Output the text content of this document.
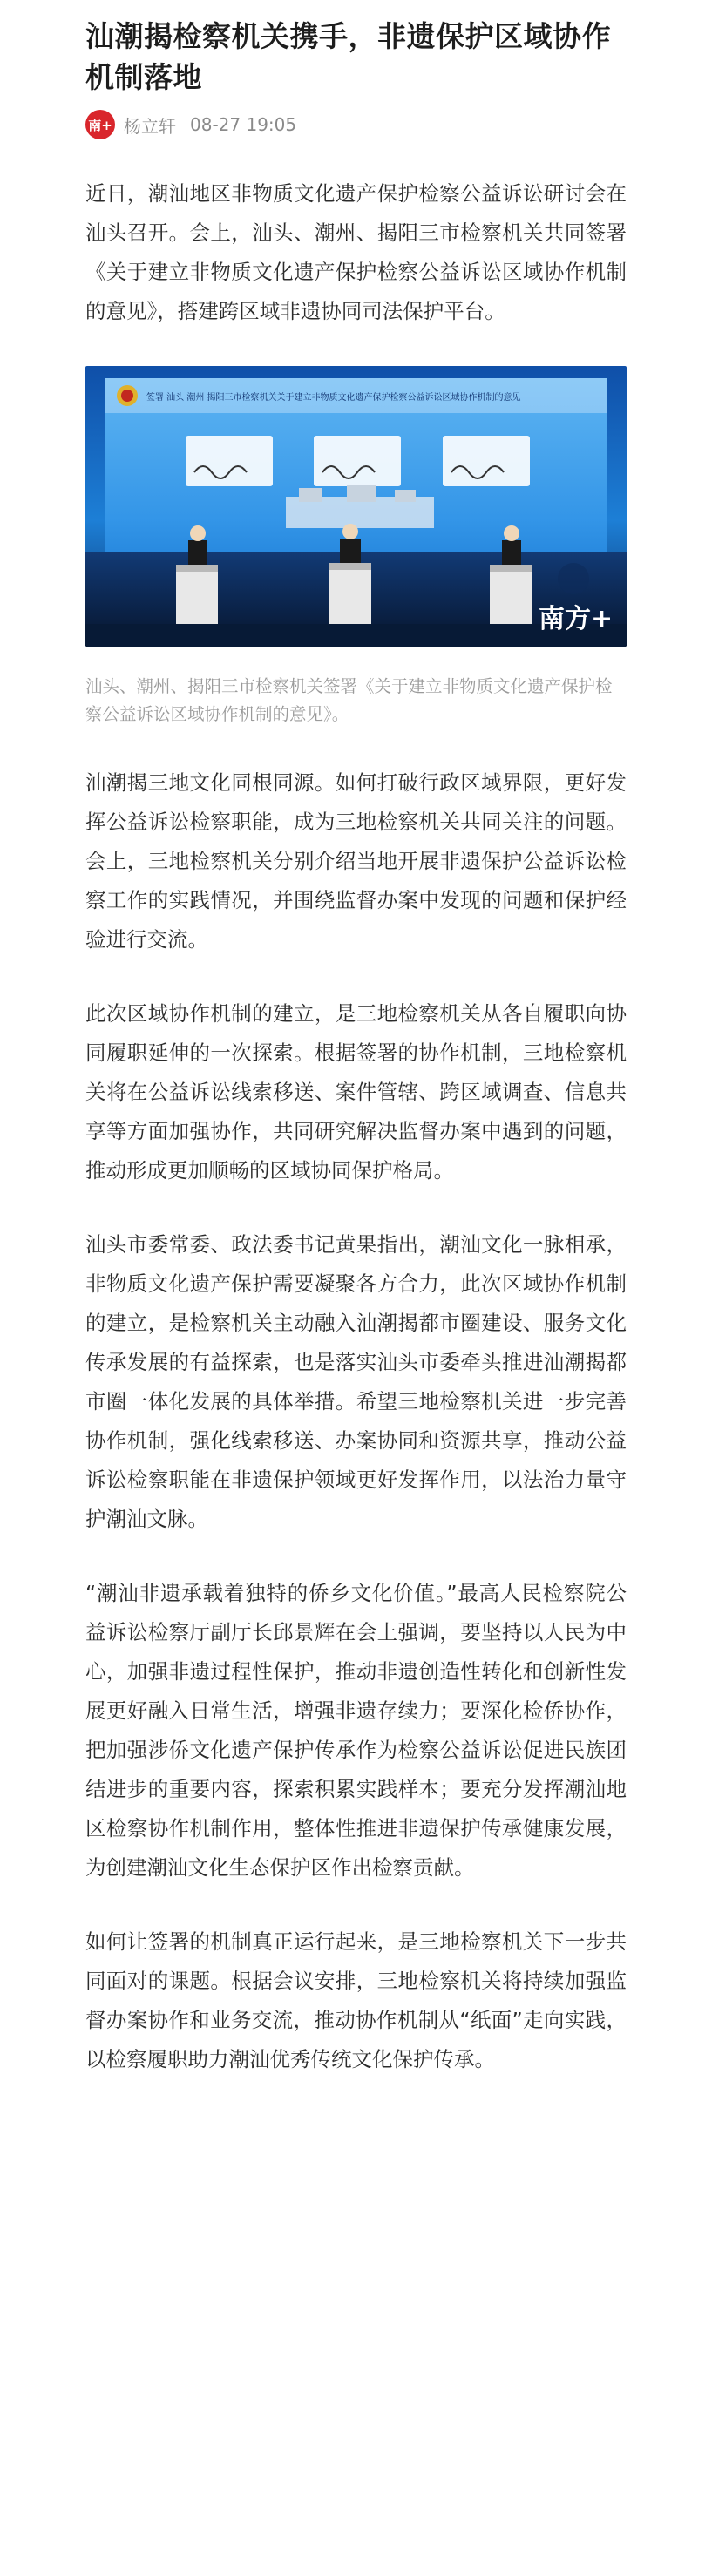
汕潮揭检察机关携手，非遗保护区域协作机制落地
南+ 杨立轩 08-27 19:05

近日，潮汕地区非物质文化遗产保护检察公益诉讼研讨会在汕头召开。会上，汕头、潮州、揭阳三市检察机关共同签署《关于建立非物质文化遗产保护检察公益诉讼区域协作机制的意见》，搭建跨区域非遗协同司法保护平台。

签署 汕头 潮州 揭阳三市检察机关关于建立非物质文化遗产保护检察公益诉讼区域协作机制的意见
南方+

汕头、潮州、揭阳三市检察机关签署《关于建立非物质文化遗产保护检察公益诉讼区域协作机制的意见》。

汕潮揭三地文化同根同源。如何打破行政区域界限，更好发挥公益诉讼检察职能，成为三地检察机关共同关注的问题。会上，三地检察机关分别介绍当地开展非遗保护公益诉讼检察工作的实践情况，并围绕监督办案中发现的问题和保护经验进行交流。

此次区域协作机制的建立，是三地检察机关从各自履职向协同履职延伸的一次探索。根据签署的协作机制，三地检察机关将在公益诉讼线索移送、案件管辖、跨区域调查、信息共享等方面加强协作，共同研究解决监督办案中遇到的问题，推动形成更加顺畅的区域协同保护格局。

汕头市委常委、政法委书记黄果指出，潮汕文化一脉相承，非物质文化遗产保护需要凝聚各方合力，此次区域协作机制的建立，是检察机关主动融入汕潮揭都市圈建设、服务文化传承发展的有益探索，也是落实汕头市委牵头推进汕潮揭都市圈一体化发展的具体举措。希望三地检察机关进一步完善协作机制，强化线索移送、办案协同和资源共享，推动公益诉讼检察职能在非遗保护领域更好发挥作用，以法治力量守护潮汕文脉。

“潮汕非遗承载着独特的侨乡文化价值。”最高人民检察院公益诉讼检察厅副厅长邱景辉在会上强调，要坚持以人民为中心，加强非遗过程性保护，推动非遗创造性转化和创新性发展更好融入日常生活，增强非遗存续力；要深化检侨协作，把加强涉侨文化遗产保护传承作为检察公益诉讼促进民族团结进步的重要内容，探索积累实践样本；要充分发挥潮汕地区检察协作机制作用，整体性推进非遗保护传承健康发展，为创建潮汕文化生态保护区作出检察贡献。

如何让签署的机制真正运行起来，是三地检察机关下一步共同面对的课题。根据会议安排，三地检察机关将持续加强监督办案协作和业务交流，推动协作机制从“纸面”走向实践，以检察履职助力潮汕优秀传统文化保护传承。
